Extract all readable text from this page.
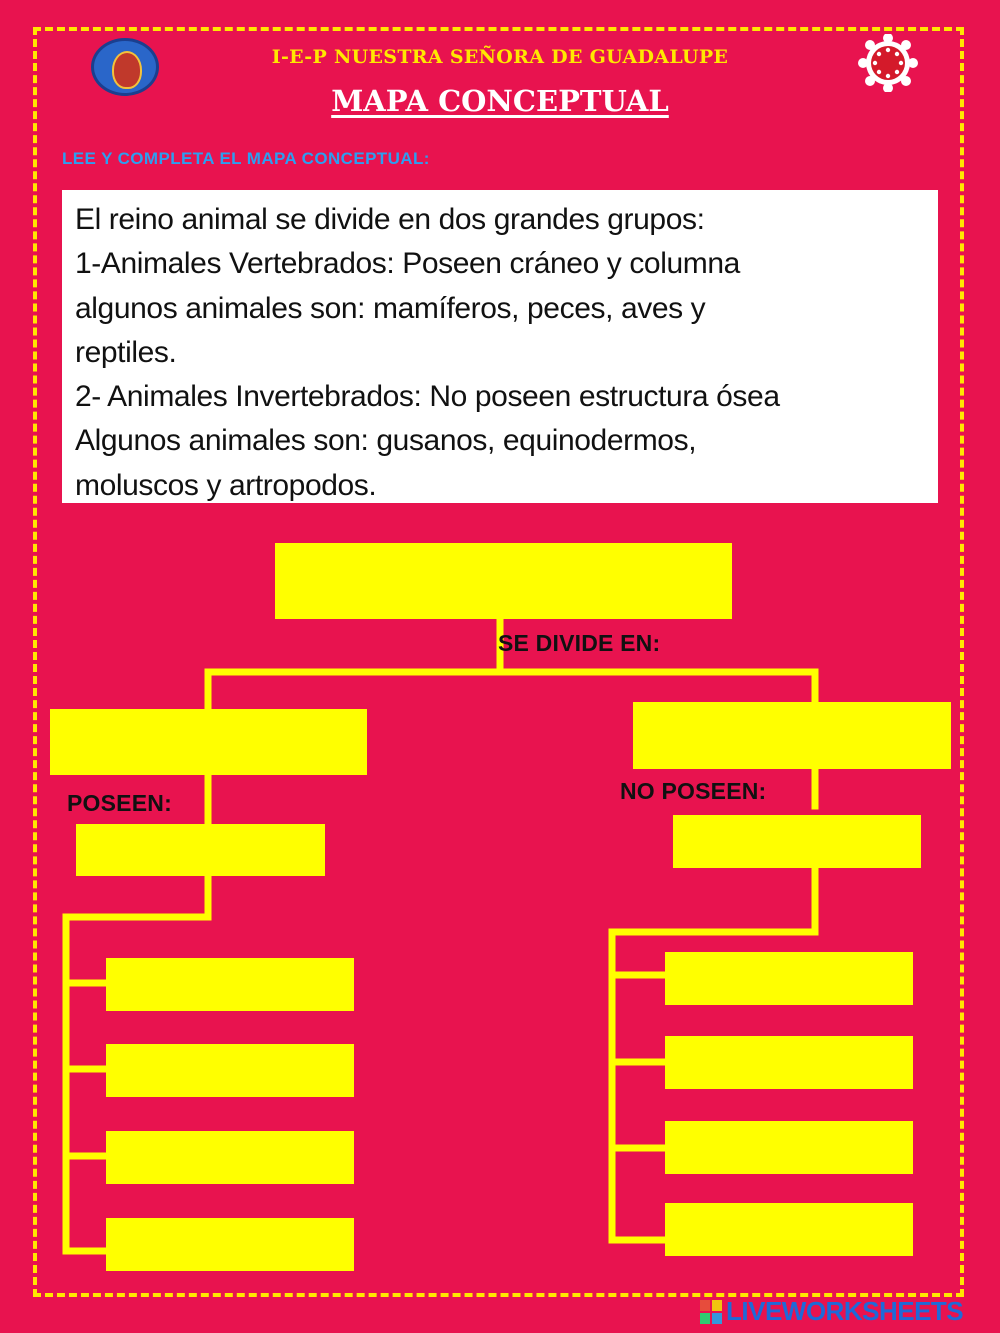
I-E-P NUESTRA SEÑORA DE GUADALUPE
MAPA CONCEPTUAL
LEE Y COMPLETA EL MAPA CONCEPTUAL:

El reino animal se divide en dos grandes grupos:

1-Animales Vertebrados: Poseen cráneo y columna

algunos animales son: mamíferos, peces, aves y

reptiles.

2- Animales Invertebrados: No poseen estructura ósea

Algunos animales son: gusanos, equinodermos,

moluscos y artropodos.

SE DIVIDE EN:
POSEEN:	NO POSEEN:
LIVEWORKSHEETS
